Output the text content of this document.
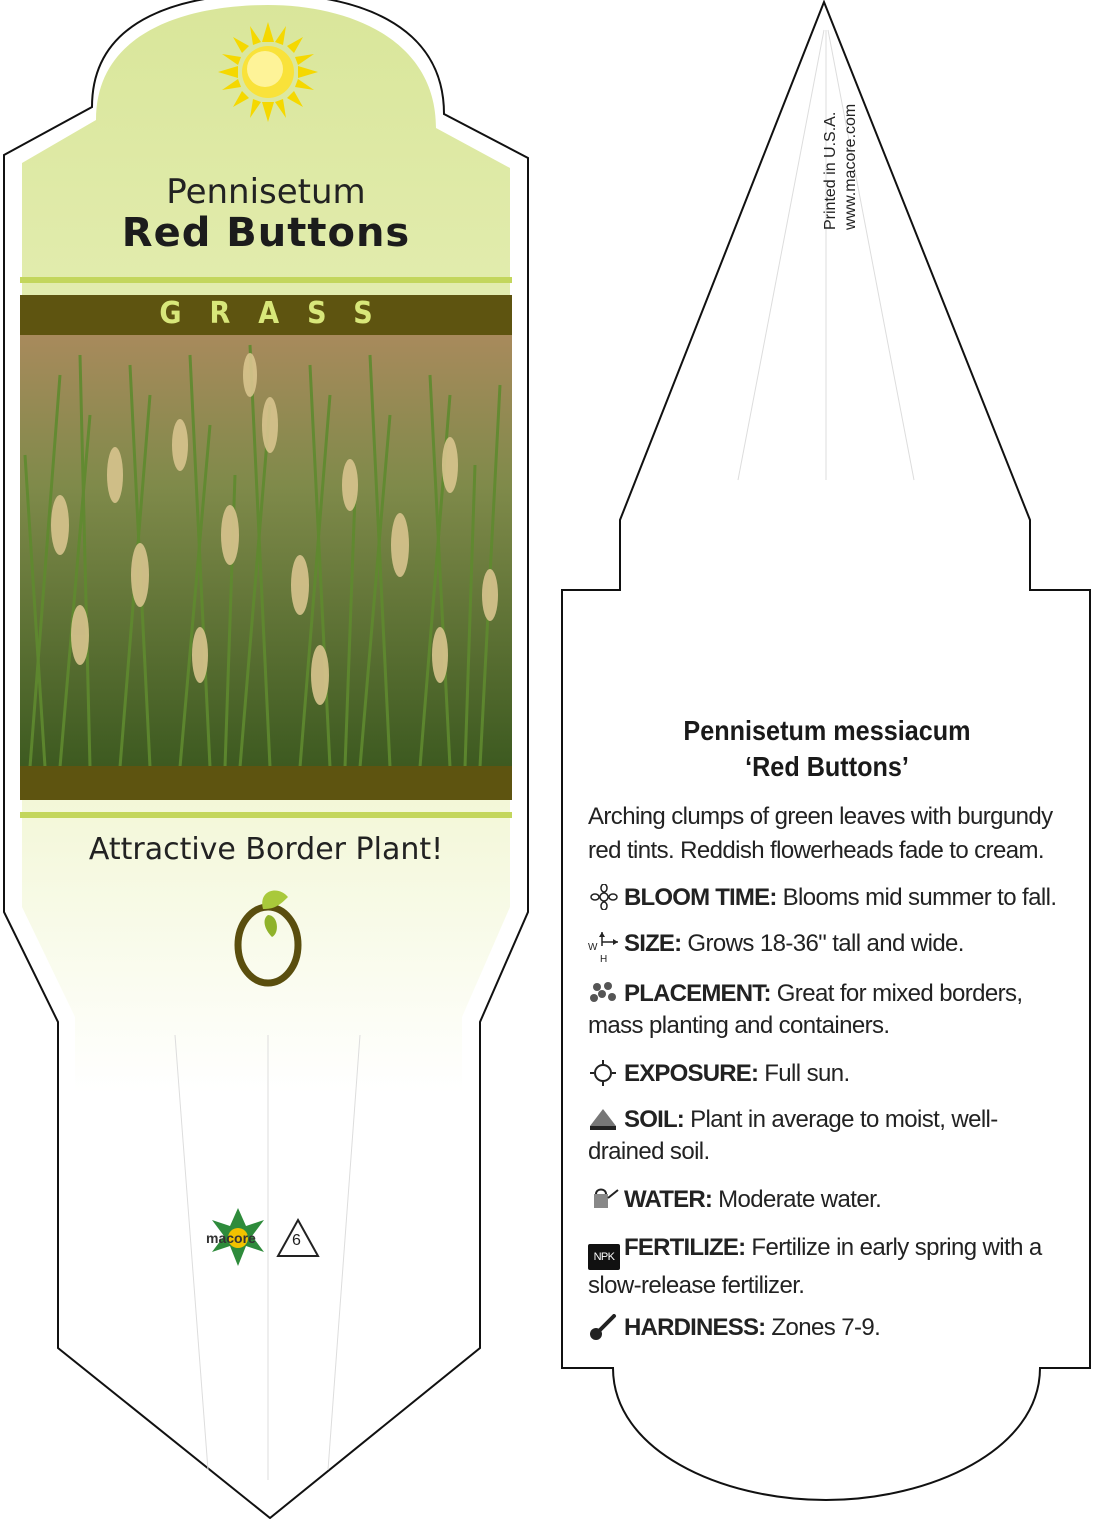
Pennisetum
Red Buttons
GRASS
Attractive Border Plant!
macore 6
Printed in U.S.A. www.macore.com
Pennisetum messiacum
‘Red Buttons’
Arching clumps of green leaves with burgundy red tints. Reddish flowerheads fade to cream.
BLOOM TIME: Blooms mid summer to fall.
W
H
SIZE: Grows 18-36" tall and wide.
PLACEMENT: Great for mixed borders, mass planting and containers.
EXPOSURE: Full sun.
SOIL: Plant in average to moist, well-drained soil.
WATER: Moderate water.
NPK FERTILIZE: Fertilize in early spring with a slow-release fertilizer.
HARDINESS: Zones 7-9.
